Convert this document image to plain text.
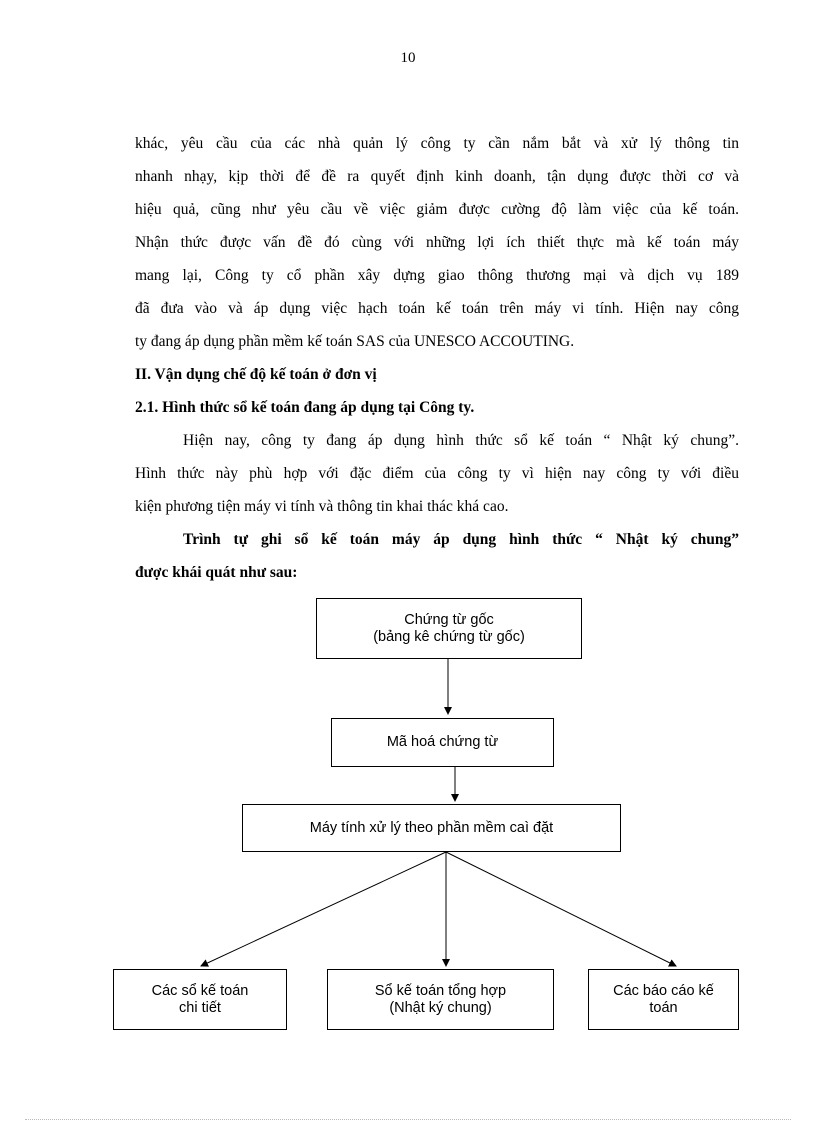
10

khác, yêu cầu của các nhà quản lý công ty cần nắm bắt và xử lý thông tin

nhanh nhạy, kịp thời để đề ra quyết định kinh doanh, tận dụng được thời cơ và

hiệu quả, cũng như yêu cầu về việc giảm được cường độ làm việc của kế toán.

Nhận thức được vấn đề đó cùng với những lợi ích thiết thực mà kế toán máy

mang lại, Công ty cổ phần xây dựng giao thông thương mại và dịch vụ 189

đã đưa vào và áp dụng việc hạch toán kế toán trên máy vi tính. Hiện nay công

ty đang áp dụng phần mềm kế toán SAS của UNESCO ACCOUTING.

II. Vận dụng chế độ kế toán ở đơn vị

2.1. Hình thức sổ kế toán đang áp dụng tại Công ty.

Hiện nay, công ty đang áp dụng hình thức sổ kế toán “ Nhật ký chung”.

Hình thức này phù hợp với đặc điểm của công ty vì hiện nay công ty với điều

kiện phương tiện máy vi tính và thông tin khai thác khá cao.

Trình tự ghi sổ kế toán máy áp dụng hình thức “ Nhật ký chung”

được khái quát như sau:

Chứng từ gốc
(bảng kê chứng từ gốc)
Mã hoá chứng từ
Máy tính xử lý theo phần mềm caì đặt
Các sổ kế toán
chi tiết
Sổ kế toán tổng hợp
(Nhật ký chung)
Các báo cáo kế
toán
